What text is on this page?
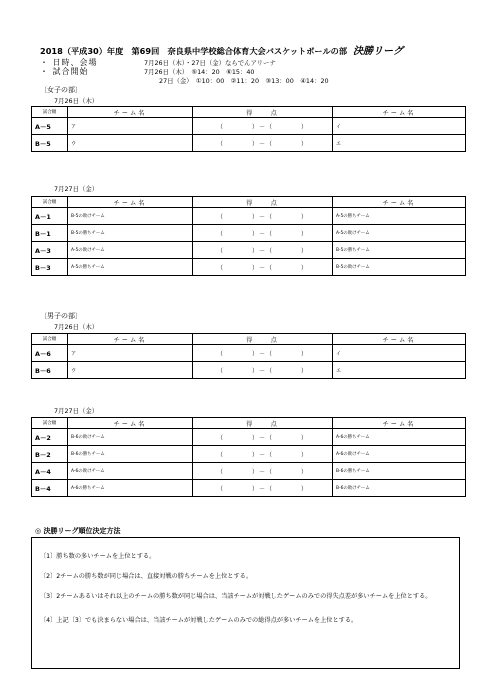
2018（平成30）年度　第69回　奈良県中学校総合体育大会バスケットボールの部 決勝リーグ
・ 日時、会場	7月26日（木）・27日（金）ならでんアリーナ
・ 試合開始	7月26日（木）　⑤14：20　⑥15：40
27日（金）　①10：00　②11：20　③13：00　④14：20
〔女子の部〕
7月26日（木）
試合順	チーム名	得　　点	チーム名
A－5	ア	（　　　　）－（　　　　）	イ
B－5	ウ	（　　　　）－（　　　　）	エ
7月27日（金）
試合順	チーム名	得　　点	チーム名
A－1	B-5の敗けチーム	（　　　　）－（　　　　）	A-5の勝ちチーム
B－1	B-5の勝ちチーム	（　　　　）－（　　　　）	A-5の敗けチーム
A－3	A-5の敗けチーム	（　　　　）－（　　　　）	B-5の勝ちチーム
B－3	A-5の勝ちチーム	（　　　　）－（　　　　）	B-5の敗けチーム
〔男子の部〕
7月26日（木）
試合順	チーム名	得　　点	チーム名
A－6	ア	（　　　　）－（　　　　）	イ
B－6	ウ	（　　　　）－（　　　　）	エ
7月27日（金）
試合順	チーム名	得　　点	チーム名
A－2	B-6の敗けチーム	（　　　　）－（　　　　）	A-6の勝ちチーム
B－2	B-6の勝ちチーム	（　　　　）－（　　　　）	A-6の敗けチーム
A－4	A-6の敗けチーム	（　　　　）－（　　　　）	B-6の勝ちチーム
B－4	A-6の勝ちチーム	（　　　　）－（　　　　）	B-6の敗けチーム
◎ 決勝リーグ順位決定方法
〔1〕勝ち数の多いチームを上位とする。
〔2〕2チームの勝ち数が同じ場合は、直接対戦の勝ちチームを上位とする。
〔3〕2チームあるいはそれ以上のチームの勝ち数が同じ場合は、当該チームが対戦したゲームのみでの得失点差が多いチームを上位とする。
〔4〕上記〔3〕でも決まらない場合は、当該チームが対戦したゲームのみでの総得点が多いチームを上位とする。
